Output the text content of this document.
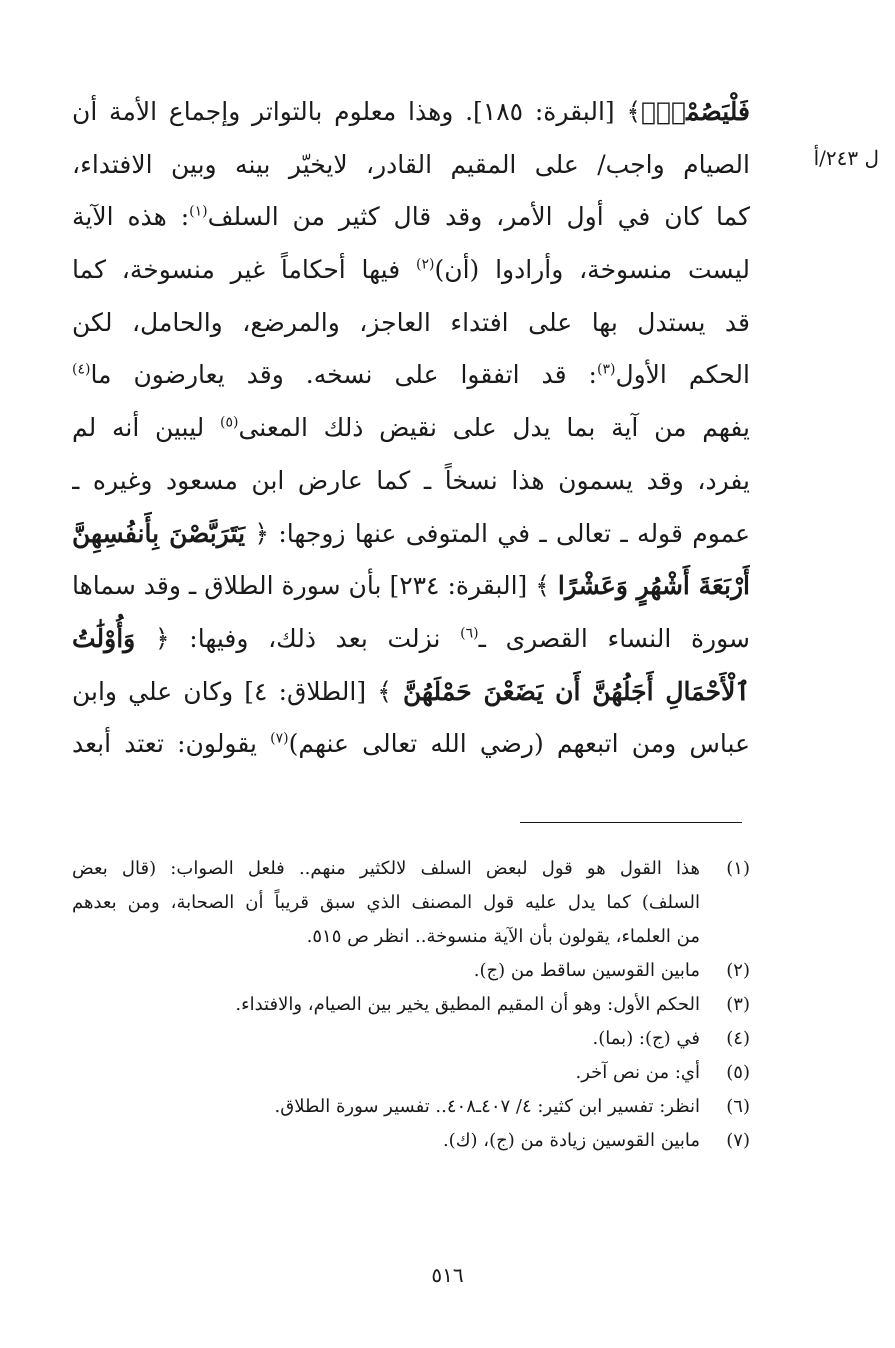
ل ٢٤٣/أ
فَلْيَصُمْهُۖ﴾ [البقرة: ١٨٥]. وهذا معلوم بالتواتر وإجماع الأمة أن
الصيام واجب/ على المقيم القادر، لايخيّر بينه وبين الافتداء،
كما كان في أول الأمر، وقد قال كثير من السلف$^{(١)}$: هذه الآية
ليست منسوخة، وأرادوا (أن)$^{(٢)}$ فيها أحكاماً غير منسوخة، كما
قد يستدل بها على افتداء العاجز، والمرضع، والحامل، لكن
الحكم الأول$^{(٣)}$: قد اتفقوا على نسخه. وقد يعارضون ما$^{(٤)}$
يفهم من آية بما يدل على نقيض ذلك المعنى$^{(٥)}$ ليبين أنه لم
يفرد، وقد يسمون هذا نسخاً ـ كما عارض ابن مسعود وغيره ـ
عموم قوله ـ تعالى ـ في المتوفى عنها زوجها: ﴿ يَتَرَبَّصْنَ بِأَنفُسِهِنَّ
أَرْبَعَةَ أَشْهُرٍ وَعَشْرًا ﴾ [البقرة: ٢٣٤] بأن سورة الطلاق ـ وقد سماها
سورة النساء القصرى ـ$^{(٦)}$ نزلت بعد ذلك، وفيها: ﴿ وَأُوْلَٰتُ
ٱلْأَحْمَالِ أَجَلُهُنَّ أَن يَضَعْنَ حَمْلَهُنَّ ﴾ [الطلاق: ٤] وكان علي وابن
عباس ومن اتبعهم (رضي الله تعالى عنهم)$^{(٧)}$ يقولون: تعتد أبعد
(١)
هذا القول هو قول لبعض السلف لالكثير منهم.. فلعل الصواب: (قال بعض
السلف) كما يدل عليه قول المصنف الذي سبق قريباً أن الصحابة، ومن بعدهم
من العلماء، يقولون بأن الآية منسوخة.. انظر ص ٥١٥.
(٢)
مابين القوسين ساقط من (ج).
(٣)
الحكم الأول: وهو أن المقيم المطيق يخير بين الصيام، والافتداء.
(٤)
في (ج): (بما).
(٥)
أي: من نص آخر.
(٦)
انظر: تفسير ابن كثير: ٤/ ٤٠٧ـ٤٠٨.. تفسير سورة الطلاق.
(٧)
مابين القوسين زيادة من (ج)، (ك).
٥١٦
